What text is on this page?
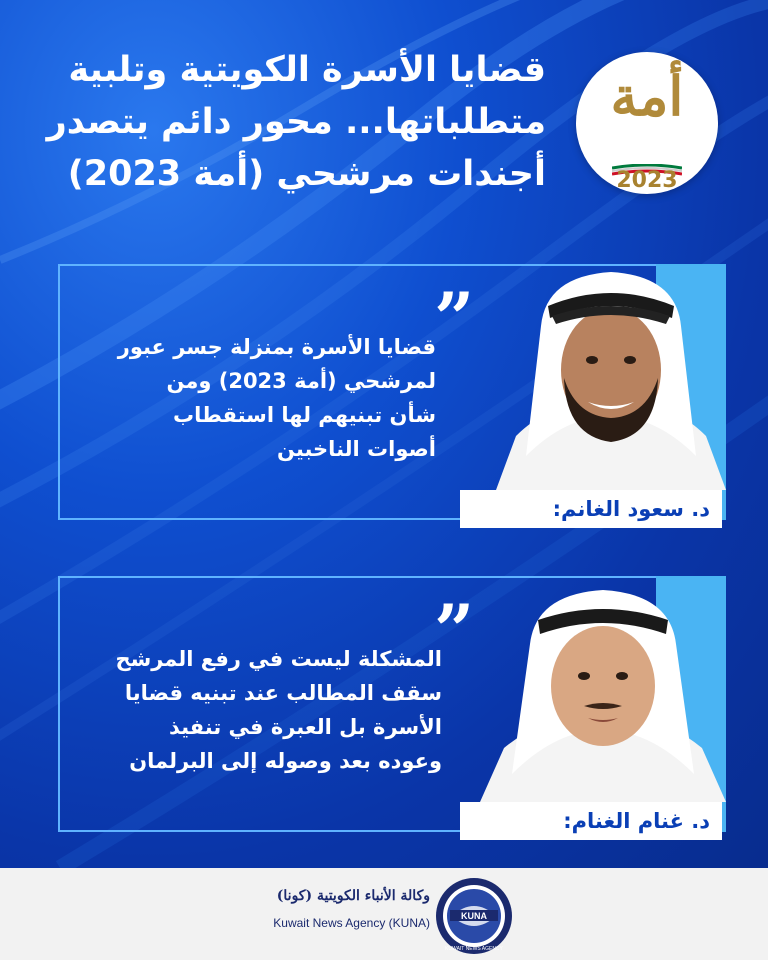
قضايا الأسرة الكويتية وتلبية
متطلباتها... محور دائم يتصدر
أجندات مرشحي (أمة 2023)
أمة
2023
”
قضايا الأسرة بمنزلة جسر عبور
لمرشحي (أمة 2023) ومن
شأن تبنيهم لها استقطاب
أصوات الناخبين
د. سعود الغانم:
”
المشكلة ليست في رفع المرشح
سقف المطالب عند تبنيه قضايا
الأسرة بل العبرة في تنفيذ
وعوده بعد وصوله إلى البرلمان
د. غنام الغنام:
وكالة الأنباء الكويتية (كونا)
Kuwait News Agency (KUNA)	KUNA
KUWAIT NEWS AGENCY
